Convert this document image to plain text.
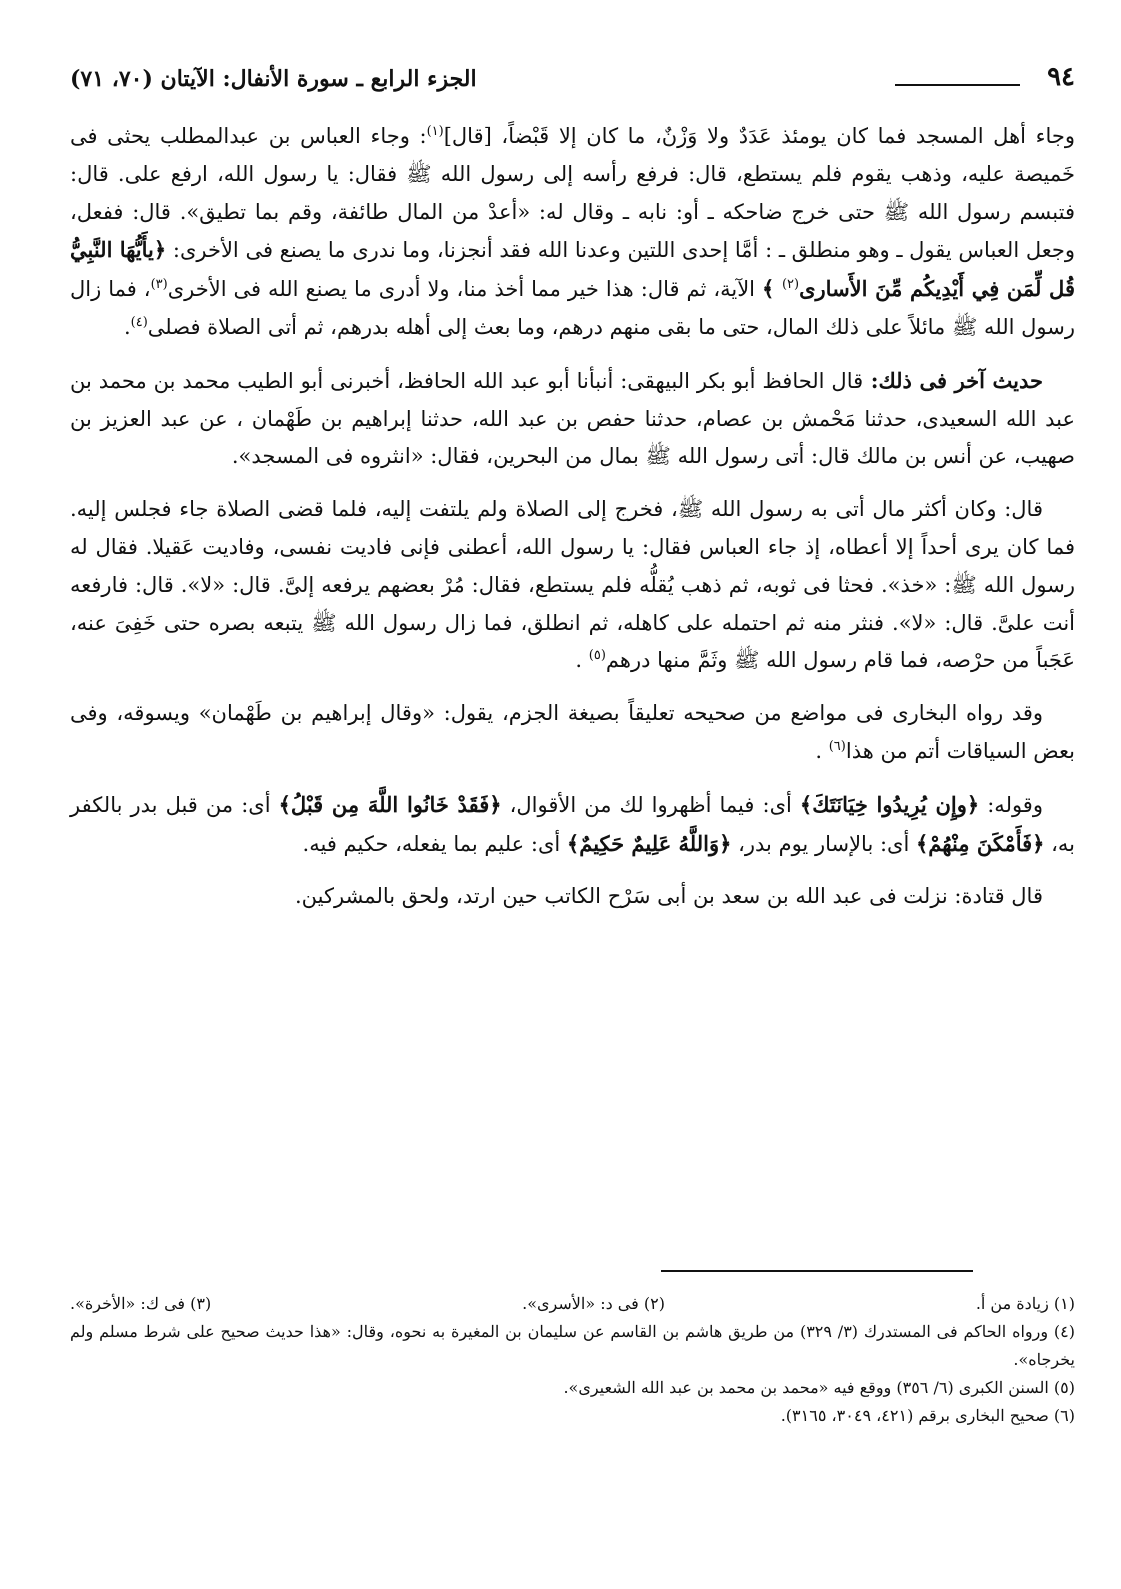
٩٤
الجزء الرابع ـ سورة الأنفال: الآيتان (٧٠، ٧١)

وجاء أهل المسجد فما كان يومئذ عَدَدٌ ولا وَزْنٌ، ما كان إلا قَبْضاً، [قال]$^{(١)}$: وجاء العباس بن عبدالمطلب يحثى فى خَميصة عليه، وذهب يقوم فلم يستطع، قال: فرفع رأسه إلى رسول الله ﷺ فقال: يا رسول الله، ارفع على. قال: فتبسم رسول الله ﷺ حتى خرج ضاحكه ـ أو: نابه ـ وقال له: «أعدْ من المال طائفة، وقم بما تطيق». قال: ففعل، وجعل العباس يقول ـ وهو منطلق ـ : أمَّا إحدى اللتين وعدنا الله فقد أنجزنا، وما ندرى ما يصنع فى الأخرى: ﴿يأَيُّهَا النَّبِيُّ قُل لِّمَن فِي أَيْدِيكُم مِّنَ الأَسارى$^{(٢)}$ ﴾ الآية، ثم قال: هذا خير مما أخذ منا، ولا أدرى ما يصنع الله فى الأخرى$^{(٣)}$، فما زال رسول الله ﷺ مائلاً على ذلك المال، حتى ما بقى منهم درهم، وما بعث إلى أهله بدرهم، ثم أتى الصلاة فصلى$^{(٤)}$.

حديث آخر فى ذلك: قال الحافظ أبو بكر البيهقى: أنبأنا أبو عبد الله الحافظ، أخبرنى أبو الطيب محمد بن محمد بن عبد الله السعيدى، حدثنا مَحْمش بن عصام، حدثنا حفص بن عبد الله، حدثنا إبراهيم بن طَهْمان ، عن عبد العزيز بن صهيب، عن أنس بن مالك قال: أتى رسول الله ﷺ بمال من البحرين، فقال: «انثروه فى المسجد».

قال: وكان أكثر مال أتى به رسول الله ﷺ، فخرج إلى الصلاة ولم يلتفت إليه، فلما قضى الصلاة جاء فجلس إليه. فما كان يرى أحداً إلا أعطاه، إذ جاء العباس فقال: يا رسول الله، أعطنى فإنى فاديت نفسى، وفاديت عَقيلا. فقال له رسول الله ﷺ: «خذ». فحثا فى ثوبه، ثم ذهب يُقلُّه فلم يستطع، فقال: مُرْ بعضهم يرفعه إلىَّ. قال: «لا». قال: فارفعه أنت علىَّ. قال: «لا». فنثر منه ثم احتمله على كاهله، ثم انطلق، فما زال رسول الله ﷺ يتبعه بصره حتى خَفِىَ عنه، عَجَباً من حرْصه، فما قام رسول الله ﷺ وثَمَّ منها درهم$^{(٥)}$ .

وقد رواه البخارى فى مواضع من صحيحه تعليقاً بصيغة الجزم، يقول: «وقال إبراهيم بن طَهْمان» ويسوقه، وفى بعض السياقات أتم من هذا$^{(٦)}$ .

وقوله: ﴿وإِن يُرِيدُوا خِيَانَتَكَ﴾ أى: فيما أظهروا لك من الأقوال، ﴿فَقَدْ خَانُوا اللَّهَ مِن قَبْلُ﴾ أى: من قبل بدر بالكفر به، ﴿فَأَمْكَنَ مِنْهُمْ﴾ أى: بالإسار يوم بدر، ﴿وَاللَّهُ عَلِيمٌ حَكِيمٌ﴾ أى: عليم بما يفعله، حكيم فيه.

قال قتادة: نزلت فى عبد الله بن سعد بن أبى سَرْح الكاتب حين ارتد، ولحق بالمشركين.

(١) زيادة من أ.
(٢) فى د: «الأسرى».
(٣) فى ك: «الأخرة».

(٤) ورواه الحاكم فى المستدرك (٣/ ٣٢٩) من طريق هاشم بن القاسم عن سليمان بن المغيرة به نحوه، وقال: «هذا حديث صحيح على شرط مسلم ولم يخرجاه».

(٥) السنن الكبرى (٦/ ٣٥٦) ووقع فيه «محمد بن محمد بن عبد الله الشعيرى».

(٦) صحيح البخارى برقم (٤٢١، ٣٠٤٩، ٣١٦٥).
